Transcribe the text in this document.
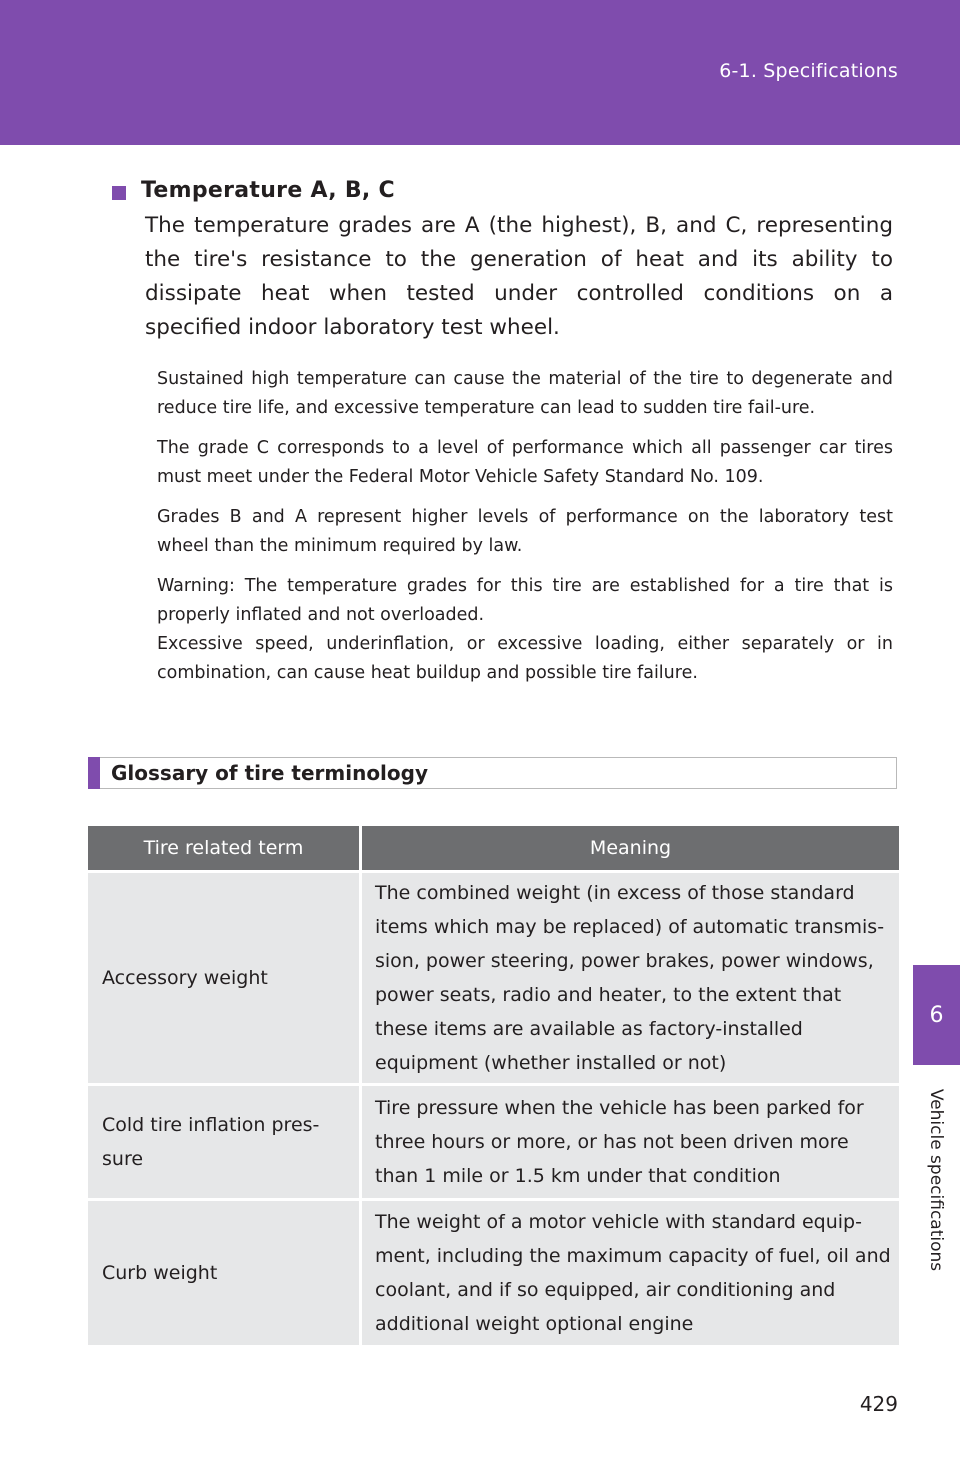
6-1. Specifications
6
Vehicle specifications
Temperature A, B, C

The temperature grades are A (the highest), B, and C, representing the tire's resistance to the generation of heat and its ability to dissipate heat when tested under controlled conditions on a specified indoor laboratory test wheel.

Sustained high temperature can cause the material of the tire to degenerate and reduce tire life, and excessive temperature can lead to sudden tire fail-ure.

The grade C corresponds to a level of performance which all passenger car tires must meet under the Federal Motor Vehicle Safety Standard No. 109.

Grades B and A represent higher levels of performance on the laboratory test wheel than the minimum required by law.

Warning: The temperature grades for this tire are established for a tire that is properly inflated and not overloaded.

Excessive speed, underinflation, or excessive loading, either separately or in combination, can cause heat buildup and possible tire failure.

Glossary of tire terminology
Tire related term	Meaning
Accessory weight	The combined weight (in excess of those standard items which may be replaced) of automatic transmis-sion, power steering, power brakes, power windows, power seats, radio and heater, to the extent that these items are available as factory-installed equipment (whether installed or not)
Cold tire inflation pres-sure	Tire pressure when the vehicle has been parked for three hours or more, or has not been driven more than 1 mile or 1.5 km under that condition
Curb weight	The weight of a motor vehicle with standard equip-ment, including the maximum capacity of fuel, oil and coolant, and if so equipped, air conditioning and additional weight optional engine
429
